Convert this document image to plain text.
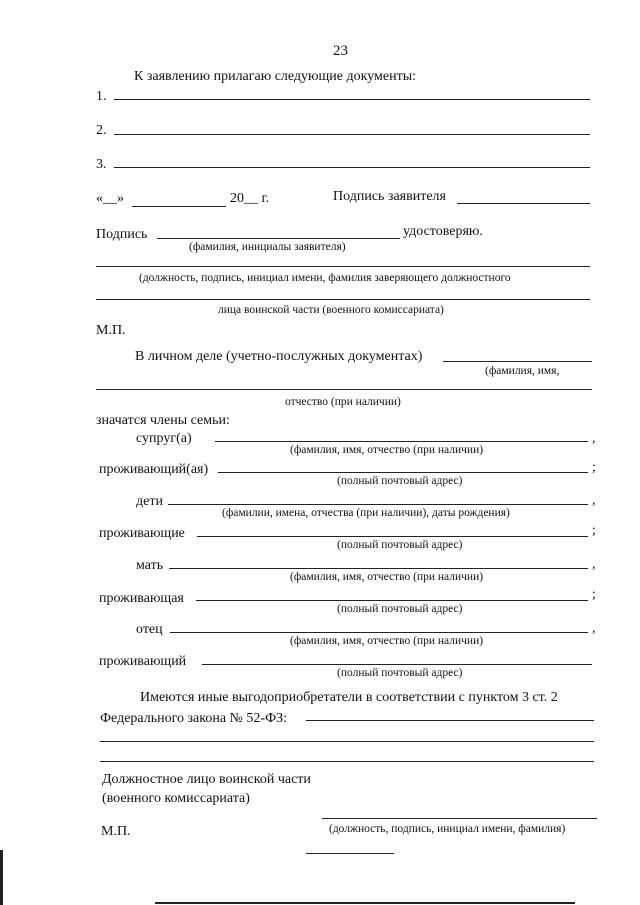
23
К заявлению прилагаю следующие документы:
1.
2.
3.
«__»	20__ г.	Подпись заявителя
Подпись	удостоверяю.
(фамилия, инициалы заявителя)
(должность, подпись, инициал имени, фамилия заверяющего должностного
лица воинской части (военного комиссариата)
М.П.
В личном деле (учетно-послужных документах)
(фамилия, имя,
отчество (при наличии)
значатся члены семьи:
супруг(а)	,
(фамилия, имя, отчество (при наличии)
проживающий(ая)	;
(полный почтовый адрес)
дети	,
(фамилии, имена, отчества (при наличии), даты рождения)
проживающие	;
(полный почтовый адрес)
мать	,
(фамилия, имя, отчество (при наличии)
проживающая	;
(полный почтовый адрес)
отец	,
(фамилия, имя, отчество (при наличии)
проживающий
(полный почтовый адрес)
Имеются иные выгодоприобретатели в соответствии с пунктом 3 ст. 2
Федерального закона № 52-ФЗ:
Должностное лицо воинской части
(военного комиссариата)
М.П.	(должность, подпись, инициал имени, фамилия)
